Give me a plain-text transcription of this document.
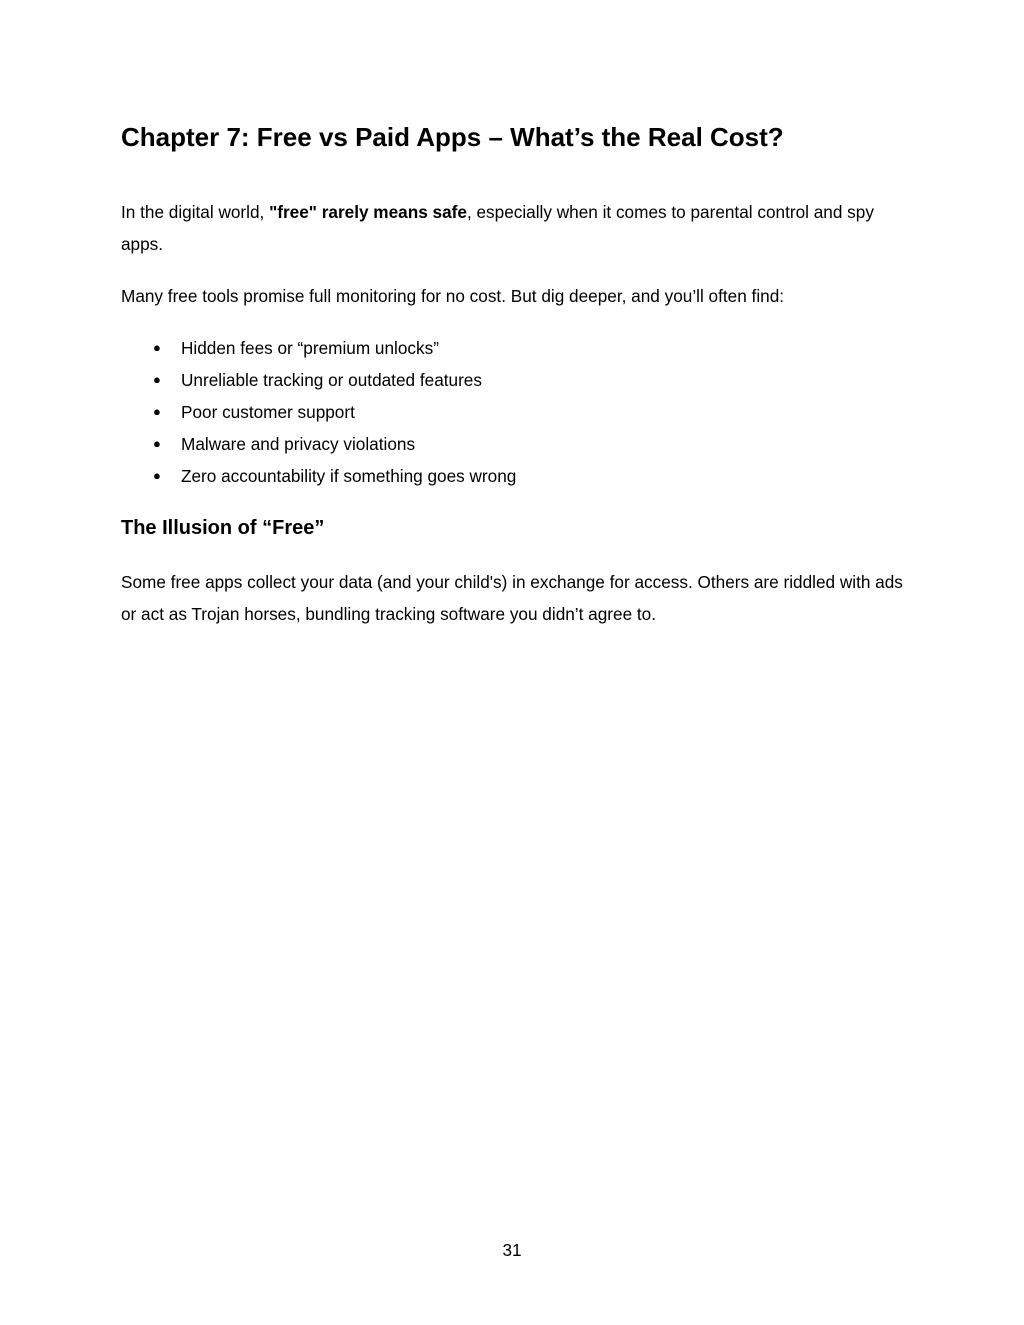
Chapter 7: Free vs Paid Apps – What’s the Real Cost?

In the digital world, "free" rarely means safe, especially when it comes to parental control and spy apps.

Many free tools promise full monitoring for no cost. But dig deeper, and you’ll often find:

● Hidden fees or “premium unlocks”
● Unreliable tracking or outdated features
● Poor customer support
● Malware and privacy violations
● Zero accountability if something goes wrong
The Illusion of “Free”

Some free apps collect your data (and your child's) in exchange for access. Others are riddled with ads or act as Trojan horses, bundling tracking software you didn’t agree to.

31
